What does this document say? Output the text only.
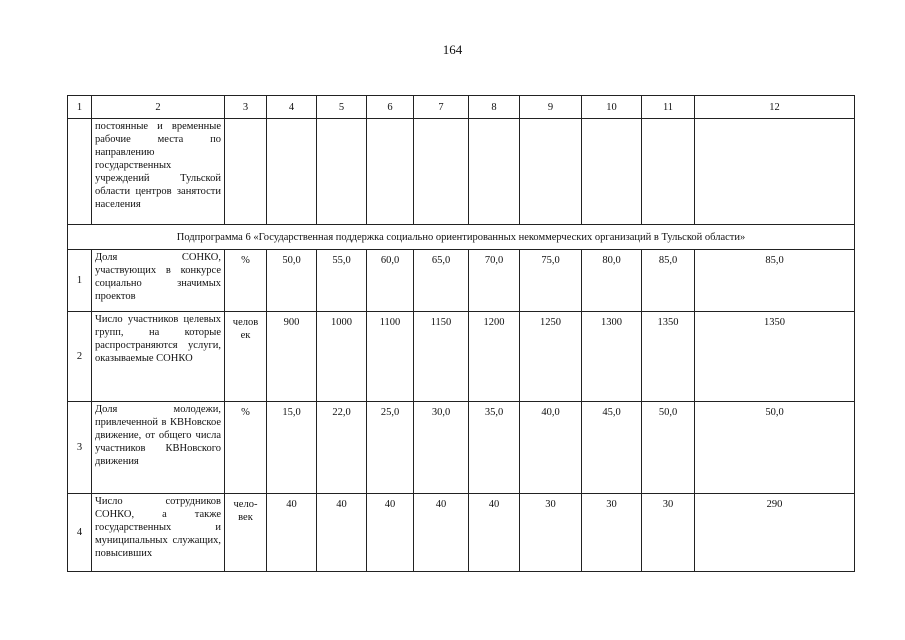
164
1	2	3	4	5	6	7	8	9	10	11	12
	постоянные и временные рабочие места по направлению государственных учреждений Тульской области центров занятости населения										
Подпрограмма 6 «Государственная поддержка социально ориентированных некоммерческих организаций в Тульской области»											
1	Доля СОНКО, участвующих в конкурсе социально значимых проектов	%	50,0	55,0	60,0	65,0	70,0	75,0	80,0	85,0	85,0
2	Число участников целевых групп, на которые распространяются услуги, оказываемые СОНКО	челов ек	900	1000	1100	1150	1200	1250	1300	1350	1350
3	Доля молодежи, привлеченной в КВНовское движение, от общего числа участников КВНовского движения	%	15,0	22,0	25,0	30,0	35,0	40,0	45,0	50,0	50,0
4	Число сотрудников СОНКО, а также государственных и муниципальных служащих, повысивших	чело-век	40	40	40	40	40	30	30	30	290
